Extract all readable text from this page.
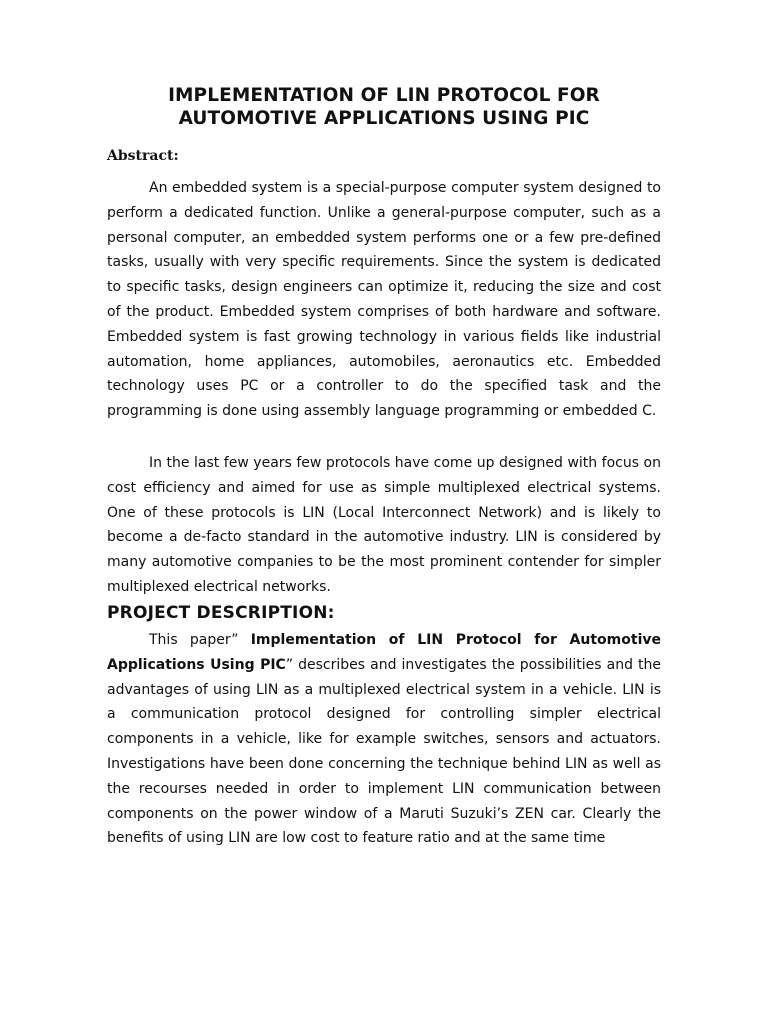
IMPLEMENTATION OF LIN PROTOCOL FOR
AUTOMOTIVE APPLICATIONS USING PIC
Abstract:

An embedded system is a special-purpose computer system designed to perform a dedicated function. Unlike a general-purpose computer, such as a personal computer, an embedded system performs one or a few pre-defined tasks, usually with very specific requirements. Since the system is dedicated to specific tasks, design engineers can optimize it, reducing the size and cost of the product. Embedded system comprises of both hardware and software. Embedded system is fast growing technology in various fields like industrial automation, home appliances, automobiles, aeronautics etc. Embedded technology uses PC or a controller to do the specified task and the programming is done using assembly language programming or embedded C.

In the last few years few protocols have come up designed with focus on cost efficiency and aimed for use as simple multiplexed electrical systems. One of these protocols is LIN (Local Interconnect Network) and is likely to become a de-facto standard in the automotive industry. LIN is considered by many automotive companies to be the most prominent contender for simpler multiplexed electrical networks.

PROJECT DESCRIPTION:

This paper” Implementation of LIN Protocol for Automotive Applications Using PIC” describes and investigates the possibilities and the advantages of using LIN as a multiplexed electrical system in a vehicle. LIN is a communication protocol designed for controlling simpler electrical components in a vehicle, like for example switches, sensors and actuators. Investigations have been done concerning the technique behind LIN as well as the recourses needed in order to implement LIN communication between components on the power window of a Maruti Suzuki’s ZEN car. Clearly the benefits of using LIN are low cost to feature ratio and at the same time
